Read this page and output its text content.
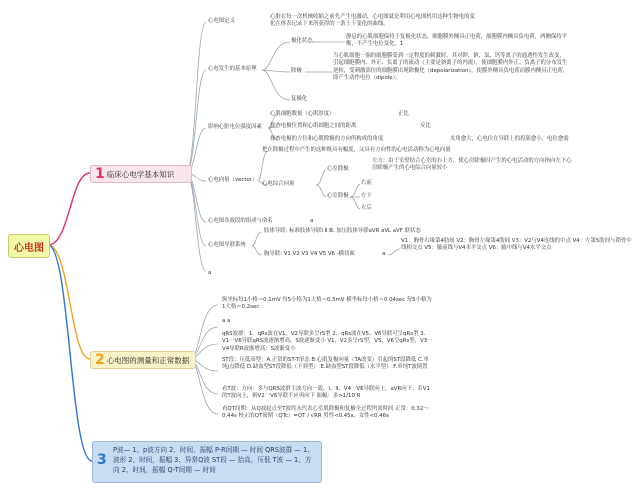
心电图
1 临床心电学基本知识
心电图定义
心脏在每一次机械收缩之前先产生电激动，心电图就是利用心电图机用这种生物电的变化在体表记录下来所获得的一条上下变化的曲线。
心电发生的基本原理
极化状态
静息的心肌细胞保持于复极化状态，细胞膜外侧具正电荷，细胞膜内侧具负电荷，两侧保持平衡，不产生电位变化。1
除极
当心肌细胞一端的细胞膜受到一定程度的刺激时，其对钾、钠、氯、钙等离子的通透性发生改变，引起细胞膜内、外正、负离子的流动（主要是钠离子的内流），使细胞膜内外正、负离子的分布发生逆转，受刺激部位的细胞膜出现除极化（depolarization），使膜外侧具负电荷而膜内侧具正电荷，即产生动作电位（dipole）。
复极化
影响心脏电位强度因素
心肌细胞数量（心肌厚度）	正比
探查电极位置和心肌细胞之间的距离	反比
探查电极的方位和心肌除极的方向所构成的角度	夹角愈大，心电位在导联上的投影愈小，电位愈弱
心电向量（vector）
把在除极过程中产生的这种既具有幅度，又具有方向性的心电活动称为心电向量
心电综合向量
心室除极
左方：由于室壁结合心室的右上方，使心房除极时产生的心电活动的方向指向左下心房除极产生的心电综合向量较小
心室除极
右前
左下
左后
心电图各波段的组成与命名	a
心电图导联系统
肢体导联: 标准肢体导联Ⅰ Ⅱ Ⅲ, 加压肢体导联aVR aVL aVF 联状态
胸导联: V1 V2 V3 V4 V5 V6 -横切面	a
V1：胸骨右缘第4肋间 V2：胸骨左缘第4肋间 V3：V2与V4连线的中点 V4：左第5肋间与锁骨中线相交点 V5：腋前线与V4水平交点 V6：腋中线与V4水平交点
a
2 心电图的测量和正常数据
纵坐标每1小格＝0.1mV 每5小格为1大格＝0.5mV 横坐标每小格＝0.04sec 每5小格为1大格＝0.2sec
a a
qRS波群：1．qRs波在V1、V2导联多呈rS型 2．qRs波在V5、V6导联可呈qRs型 3．V1一V6导联qRS波逐渐增高，S波逐渐变小 V1、V2多呈rS型，V5、V6呈qRs型，V3一V4导联R波渐增高；S波渐变小
ST段：压低高型：A.正常的ST-T形态 B.心肌复极向量（TA改变）引起的ST段降低 C.单纯J点降低 D.缺血型ST段降低（下斜型） E.缺血型ST段降低（水平型） F.单纯T波倒置
看T波：方向：多与QRS波群主波方向一致，I、II、V4一V6导联向上，aVR向下；若V1的T波向上，则V2一V6导联不应再向下 振幅：多>1/10 R
看QT间期：从Q波起点至T波终末代表心室肌除极和复极全过程所需时间 正常：0.32～0.44s 校正的QT间期（QTc）=QT / √RR 男性<0.45s，女性<0.46s
3
P波— 1、p波方向 2、时间，振幅 P-R间期 — 时间 QRS波群 — 1、波形 2、时间，振幅 3、异常Q波 ST段 — 抬高，压低 T波 — 1、方向 2、时间，振幅 Q-T间期 — 时间
